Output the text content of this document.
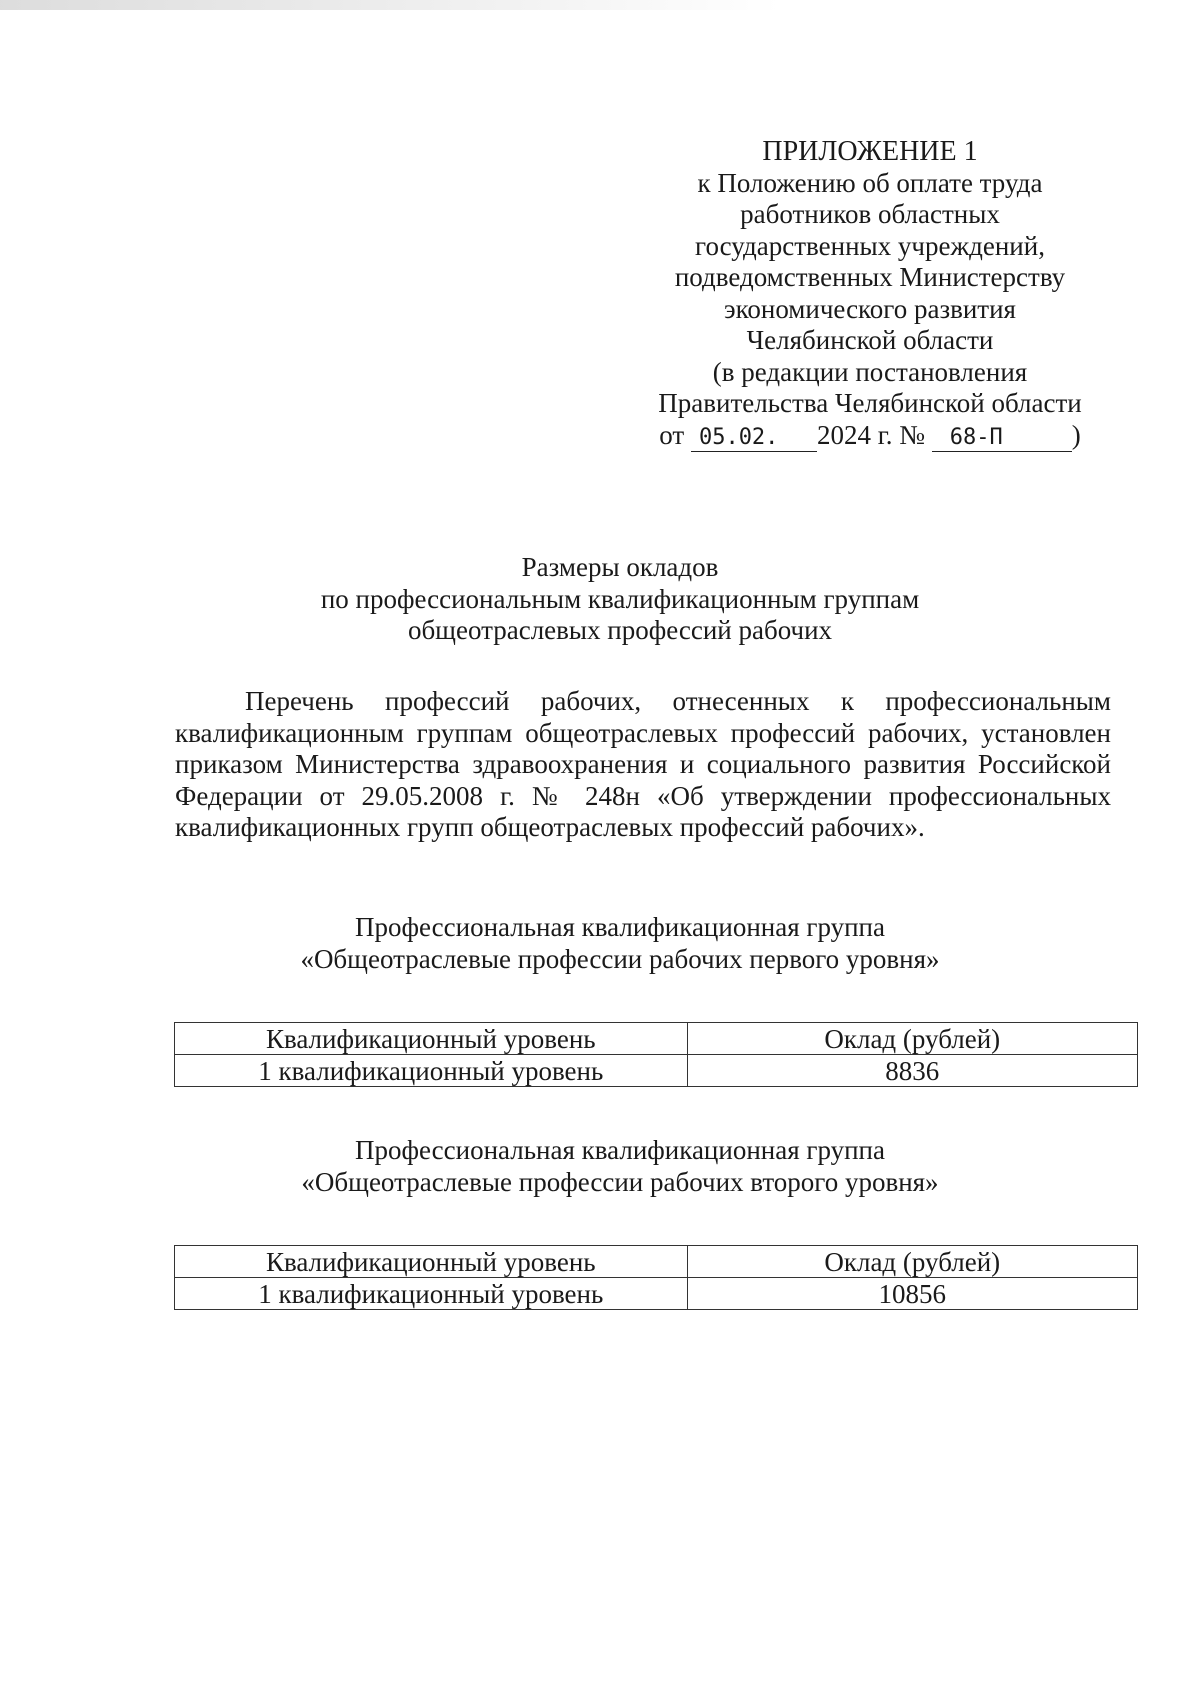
ПРИЛОЖЕНИЕ 1
к Положению об оплате труда
работников областных
государственных учреждений,
подведомственных Министерству
экономического развития
Челябинской области
(в редакции постановления
Правительства Челябинской области
от 05.02. 2024 г. № 68-П	)
Размеры окладов
по профессиональным квалификационным группам
общеотраслевых профессий рабочих

Перечень профессий рабочих, отнесенных к профессиональным квалификационным группам общеотраслевых профессий рабочих, установлен приказом Министерства здравоохранения и социального развития Российской Федерации от 29.05.2008 г. № 248н «Об утверждении профессиональных квалификационных групп общеотраслевых профессий рабочих».

Профессиональная квалификационная группа
«Общеотраслевые профессии рабочих первого уровня»
Квалификационный уровень	Оклад (рублей)
1 квалификационный уровень	8836
Профессиональная квалификационная группа
«Общеотраслевые профессии рабочих второго уровня»
Квалификационный уровень	Оклад (рублей)
1 квалификационный уровень	10856
